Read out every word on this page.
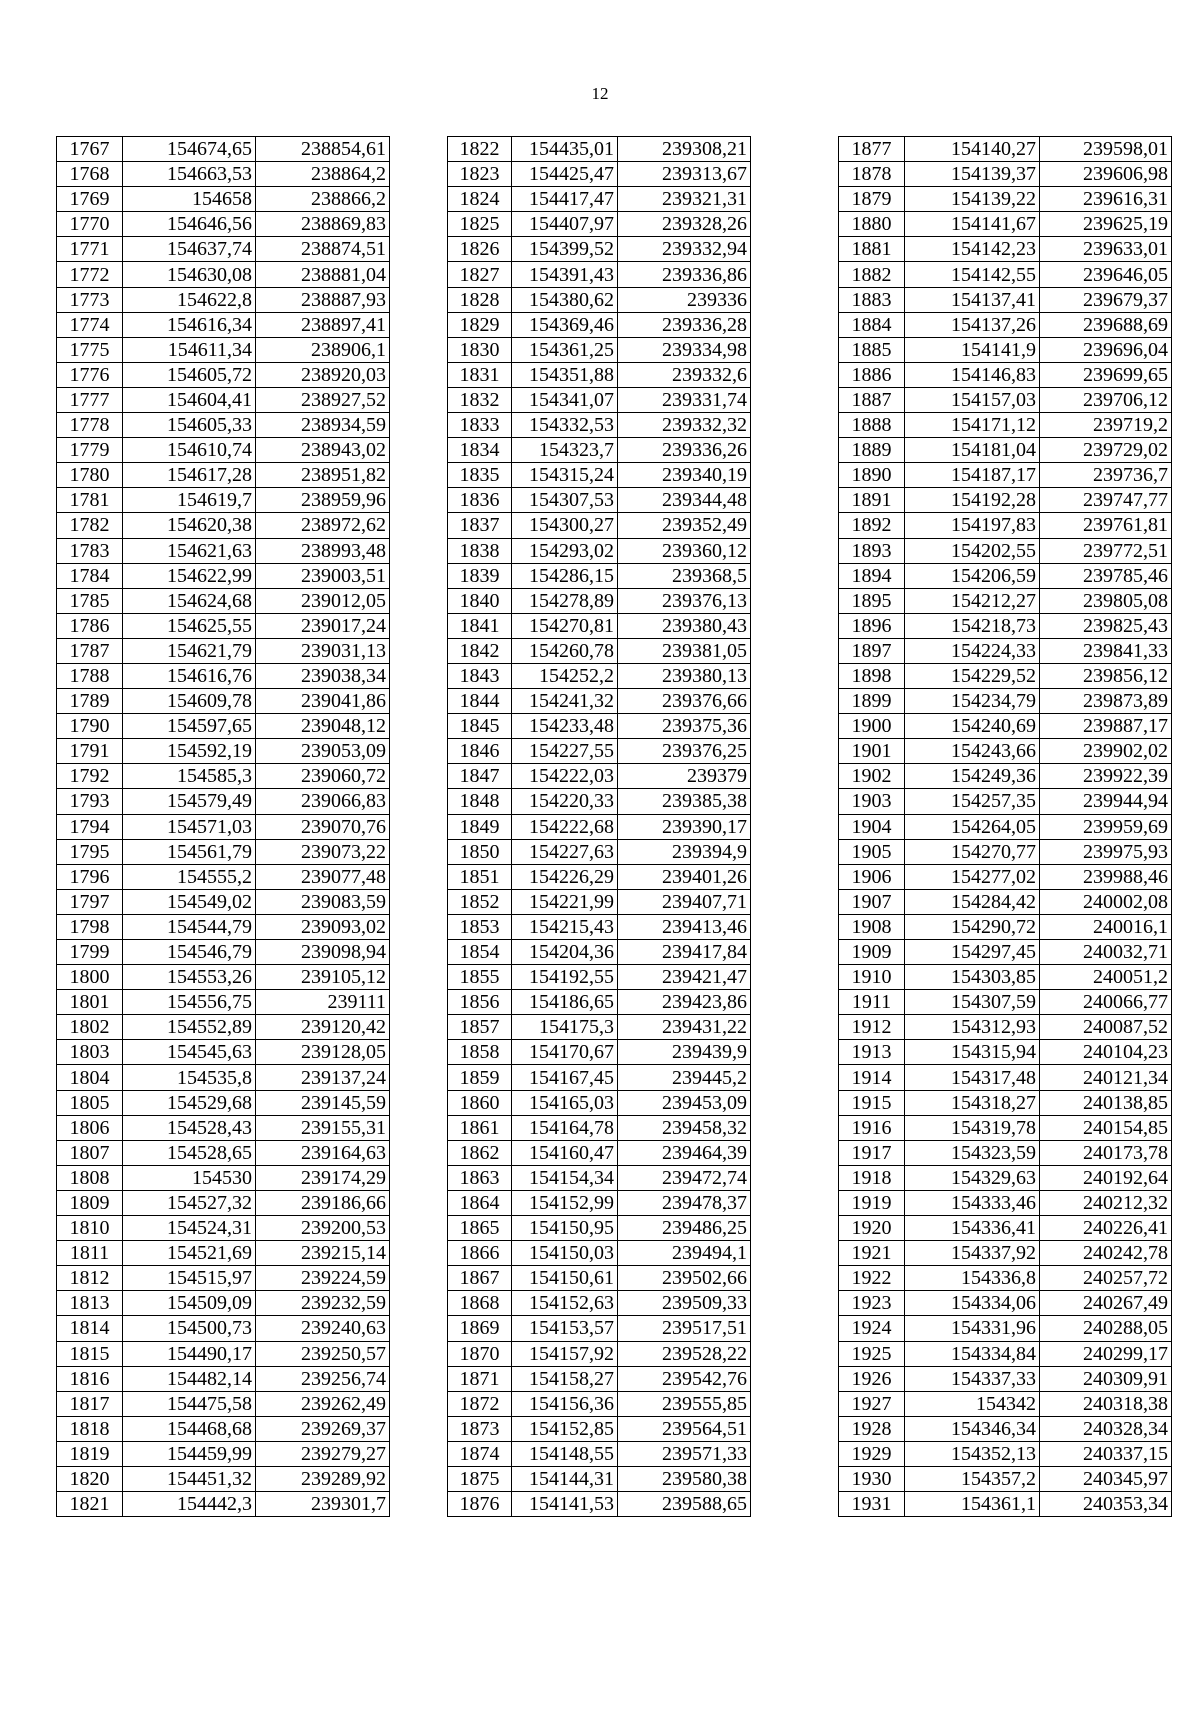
12
1767	154674,65	238854,61
1768	154663,53	238864,2
1769	154658	238866,2
1770	154646,56	238869,83
1771	154637,74	238874,51
1772	154630,08	238881,04
1773	154622,8	238887,93
1774	154616,34	238897,41
1775	154611,34	238906,1
1776	154605,72	238920,03
1777	154604,41	238927,52
1778	154605,33	238934,59
1779	154610,74	238943,02
1780	154617,28	238951,82
1781	154619,7	238959,96
1782	154620,38	238972,62
1783	154621,63	238993,48
1784	154622,99	239003,51
1785	154624,68	239012,05
1786	154625,55	239017,24
1787	154621,79	239031,13
1788	154616,76	239038,34
1789	154609,78	239041,86
1790	154597,65	239048,12
1791	154592,19	239053,09
1792	154585,3	239060,72
1793	154579,49	239066,83
1794	154571,03	239070,76
1795	154561,79	239073,22
1796	154555,2	239077,48
1797	154549,02	239083,59
1798	154544,79	239093,02
1799	154546,79	239098,94
1800	154553,26	239105,12
1801	154556,75	239111
1802	154552,89	239120,42
1803	154545,63	239128,05
1804	154535,8	239137,24
1805	154529,68	239145,59
1806	154528,43	239155,31
1807	154528,65	239164,63
1808	154530	239174,29
1809	154527,32	239186,66
1810	154524,31	239200,53
1811	154521,69	239215,14
1812	154515,97	239224,59
1813	154509,09	239232,59
1814	154500,73	239240,63
1815	154490,17	239250,57
1816	154482,14	239256,74
1817	154475,58	239262,49
1818	154468,68	239269,37
1819	154459,99	239279,27
1820	154451,32	239289,92
1821	154442,3	239301,7
1822	154435,01	239308,21
1823	154425,47	239313,67
1824	154417,47	239321,31
1825	154407,97	239328,26
1826	154399,52	239332,94
1827	154391,43	239336,86
1828	154380,62	239336
1829	154369,46	239336,28
1830	154361,25	239334,98
1831	154351,88	239332,6
1832	154341,07	239331,74
1833	154332,53	239332,32
1834	154323,7	239336,26
1835	154315,24	239340,19
1836	154307,53	239344,48
1837	154300,27	239352,49
1838	154293,02	239360,12
1839	154286,15	239368,5
1840	154278,89	239376,13
1841	154270,81	239380,43
1842	154260,78	239381,05
1843	154252,2	239380,13
1844	154241,32	239376,66
1845	154233,48	239375,36
1846	154227,55	239376,25
1847	154222,03	239379
1848	154220,33	239385,38
1849	154222,68	239390,17
1850	154227,63	239394,9
1851	154226,29	239401,26
1852	154221,99	239407,71
1853	154215,43	239413,46
1854	154204,36	239417,84
1855	154192,55	239421,47
1856	154186,65	239423,86
1857	154175,3	239431,22
1858	154170,67	239439,9
1859	154167,45	239445,2
1860	154165,03	239453,09
1861	154164,78	239458,32
1862	154160,47	239464,39
1863	154154,34	239472,74
1864	154152,99	239478,37
1865	154150,95	239486,25
1866	154150,03	239494,1
1867	154150,61	239502,66
1868	154152,63	239509,33
1869	154153,57	239517,51
1870	154157,92	239528,22
1871	154158,27	239542,76
1872	154156,36	239555,85
1873	154152,85	239564,51
1874	154148,55	239571,33
1875	154144,31	239580,38
1876	154141,53	239588,65
1877	154140,27	239598,01
1878	154139,37	239606,98
1879	154139,22	239616,31
1880	154141,67	239625,19
1881	154142,23	239633,01
1882	154142,55	239646,05
1883	154137,41	239679,37
1884	154137,26	239688,69
1885	154141,9	239696,04
1886	154146,83	239699,65
1887	154157,03	239706,12
1888	154171,12	239719,2
1889	154181,04	239729,02
1890	154187,17	239736,7
1891	154192,28	239747,77
1892	154197,83	239761,81
1893	154202,55	239772,51
1894	154206,59	239785,46
1895	154212,27	239805,08
1896	154218,73	239825,43
1897	154224,33	239841,33
1898	154229,52	239856,12
1899	154234,79	239873,89
1900	154240,69	239887,17
1901	154243,66	239902,02
1902	154249,36	239922,39
1903	154257,35	239944,94
1904	154264,05	239959,69
1905	154270,77	239975,93
1906	154277,02	239988,46
1907	154284,42	240002,08
1908	154290,72	240016,1
1909	154297,45	240032,71
1910	154303,85	240051,2
1911	154307,59	240066,77
1912	154312,93	240087,52
1913	154315,94	240104,23
1914	154317,48	240121,34
1915	154318,27	240138,85
1916	154319,78	240154,85
1917	154323,59	240173,78
1918	154329,63	240192,64
1919	154333,46	240212,32
1920	154336,41	240226,41
1921	154337,92	240242,78
1922	154336,8	240257,72
1923	154334,06	240267,49
1924	154331,96	240288,05
1925	154334,84	240299,17
1926	154337,33	240309,91
1927	154342	240318,38
1928	154346,34	240328,34
1929	154352,13	240337,15
1930	154357,2	240345,97
1931	154361,1	240353,34
